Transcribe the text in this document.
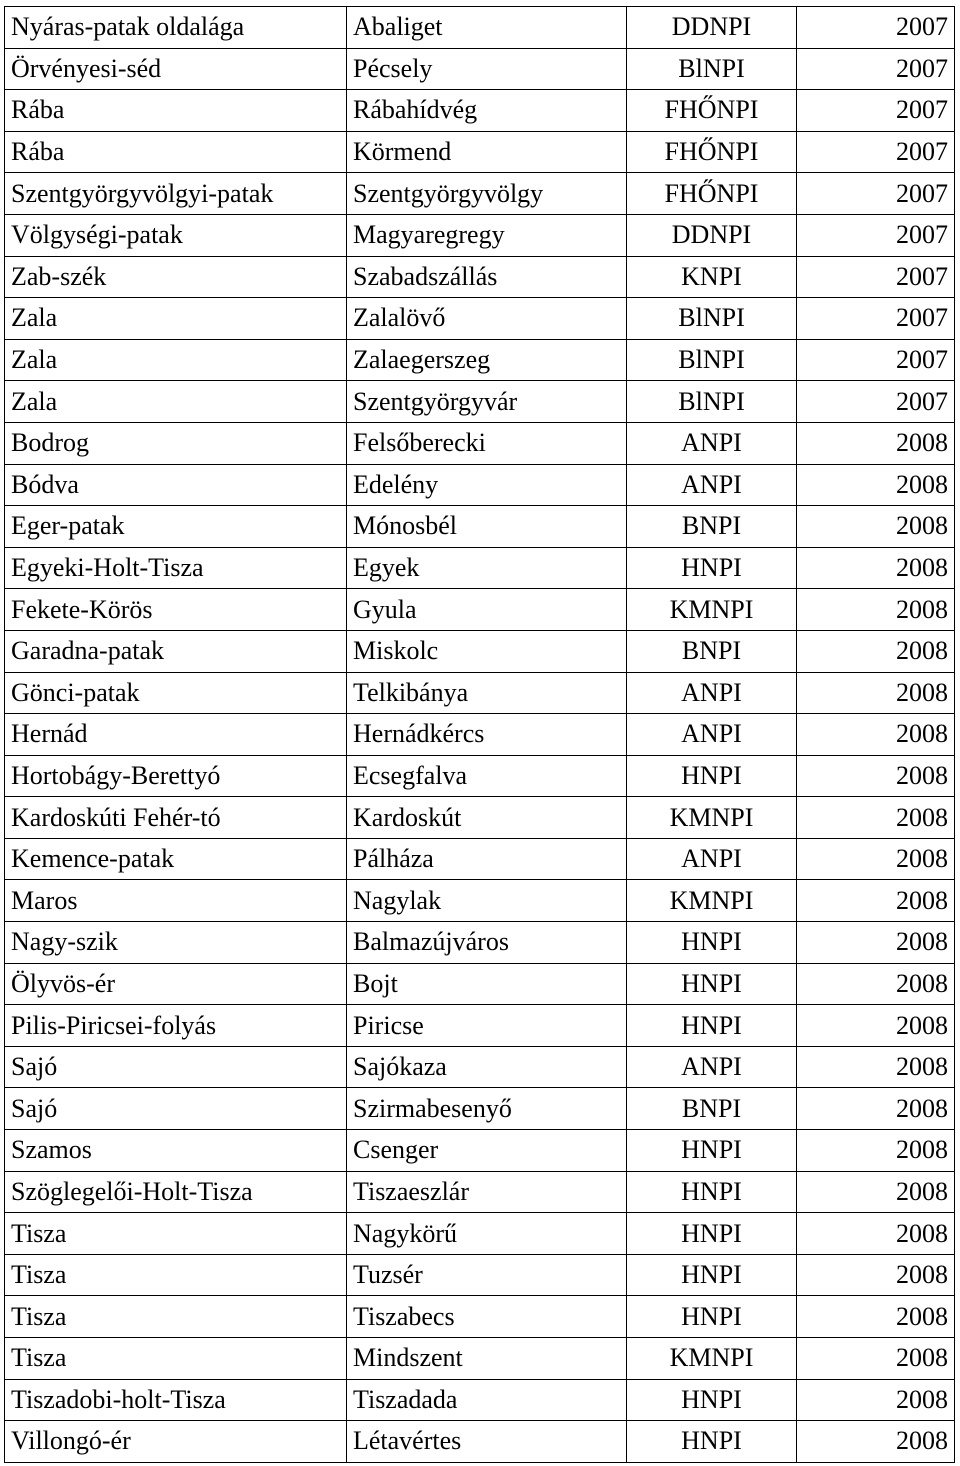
Nyáras-patak oldalága	Abaliget	DDNPI	2007
Örvényesi-séd	Pécsely	BlNPI	2007
Rába	Rábahídvég	FHŐNPI	2007
Rába	Körmend	FHŐNPI	2007
Szentgyörgyvölgyi-patak	Szentgyörgyvölgy	FHŐNPI	2007
Völgységi-patak	Magyaregregy	DDNPI	2007
Zab-szék	Szabadszállás	KNPI	2007
Zala	Zalalövő	BlNPI	2007
Zala	Zalaegerszeg	BlNPI	2007
Zala	Szentgyörgyvár	BlNPI	2007
Bodrog	Felsőberecki	ANPI	2008
Bódva	Edelény	ANPI	2008
Eger-patak	Mónosbél	BNPI	2008
Egyeki-Holt-Tisza	Egyek	HNPI	2008
Fekete-Körös	Gyula	KMNPI	2008
Garadna-patak	Miskolc	BNPI	2008
Gönci-patak	Telkibánya	ANPI	2008
Hernád	Hernádkércs	ANPI	2008
Hortobágy-Berettyó	Ecsegfalva	HNPI	2008
Kardoskúti Fehér-tó	Kardoskút	KMNPI	2008
Kemence-patak	Pálháza	ANPI	2008
Maros	Nagylak	KMNPI	2008
Nagy-szik	Balmazújváros	HNPI	2008
Ölyvös-ér	Bojt	HNPI	2008
Pilis-Piricsei-folyás	Piricse	HNPI	2008
Sajó	Sajókaza	ANPI	2008
Sajó	Szirmabesenyő	BNPI	2008
Szamos	Csenger	HNPI	2008
Szöglegelői-Holt-Tisza	Tiszaeszlár	HNPI	2008
Tisza	Nagykörű	HNPI	2008
Tisza	Tuzsér	HNPI	2008
Tisza	Tiszabecs	HNPI	2008
Tisza	Mindszent	KMNPI	2008
Tiszadobi-holt-Tisza	Tiszadada	HNPI	2008
Villongó-ér	Létavértes	HNPI	2008
